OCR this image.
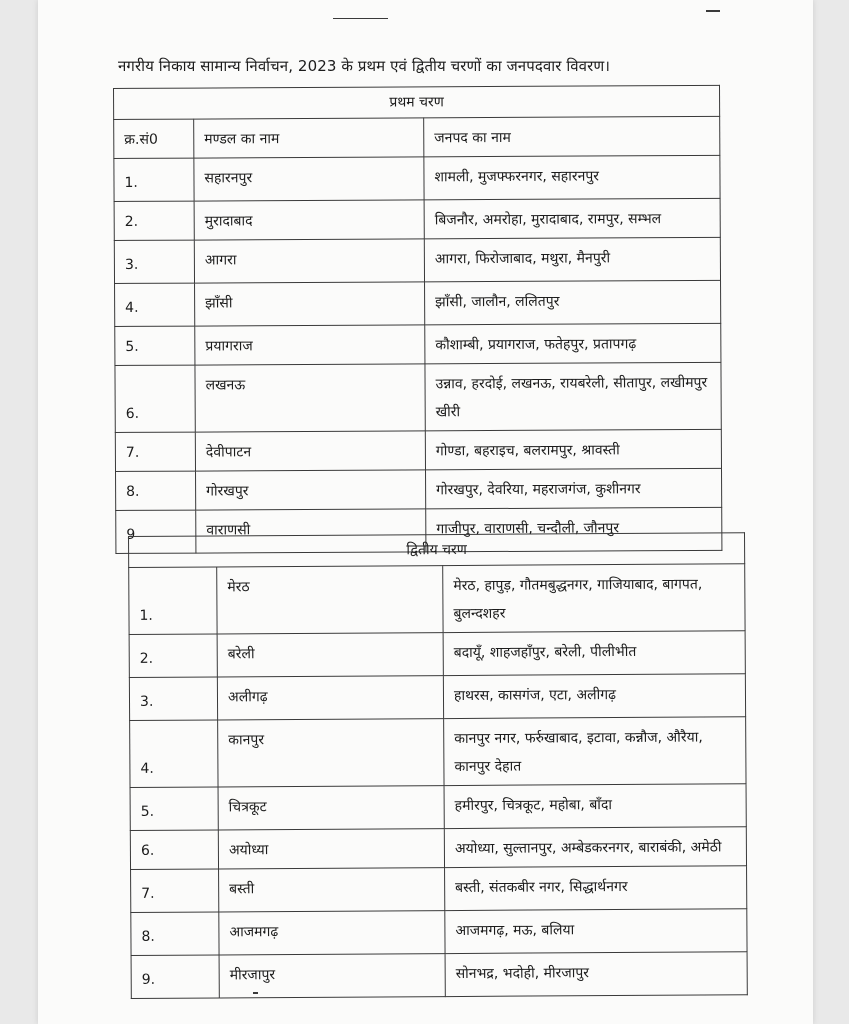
नगरीय निकाय सामान्य निर्वाचन, 2023 के प्रथम एवं द्वितीय चरणों का जनपदवार विवरण।
प्रथम चरण		
क्र.सं0	मण्डल का नाम	जनपद का नाम
1.	सहारनपुर	शामली, मुजफ्फरनगर, सहारनपुर
2.	मुरादाबाद	बिजनौर, अमरोहा, मुरादाबाद, रामपुर, सम्भल
3.	आगरा	आगरा, फिरोजाबाद, मथुरा, मैनपुरी
4.	झाँसी	झाँसी, जालौन, ललितपुर
5.	प्रयागराज	कौशाम्बी, प्रयागराज, फतेहपुर, प्रतापगढ़
6.	लखनऊ	उन्नाव, हरदोई, लखनऊ, रायबरेली, सीतापुर, लखीमपुर खीरी
7.	देवीपाटन	गोण्डा, बहराइच, बलरामपुर, श्रावस्ती
8.	गोरखपुर	गोरखपुर, देवरिया, महराजगंज, कुशीनगर
9	वाराणसी	गाजीपुर, वाराणसी, चन्दौली, जौनपुर
द्वितीय चरण		
1.	मेरठ	मेरठ, हापुड़, गौतमबुद्धनगर, गाजियाबाद, बागपत, बुलन्दशहर
2.	बरेली	बदायूँ, शाहजहाँपुर, बरेली, पीलीभीत
3.	अलीगढ़	हाथरस, कासगंज, एटा, अलीगढ़
4.	कानपुर	कानपुर नगर, फर्रुखाबाद, इटावा, कन्नौज, औरैया, कानपुर देहात
5.	चित्रकूट	हमीरपुर, चित्रकूट, महोबा, बाँदा
6.	अयोध्या	अयोध्या, सुल्तानपुर, अम्बेडकरनगर, बाराबंकी, अमेठी
7.	बस्ती	बस्ती, संतकबीर नगर, सिद्धार्थनगर
8.	आजमगढ़	आजमगढ़, मऊ, बलिया
9.	मीरजापुर	सोनभद्र, भदोही, मीरजापुर
